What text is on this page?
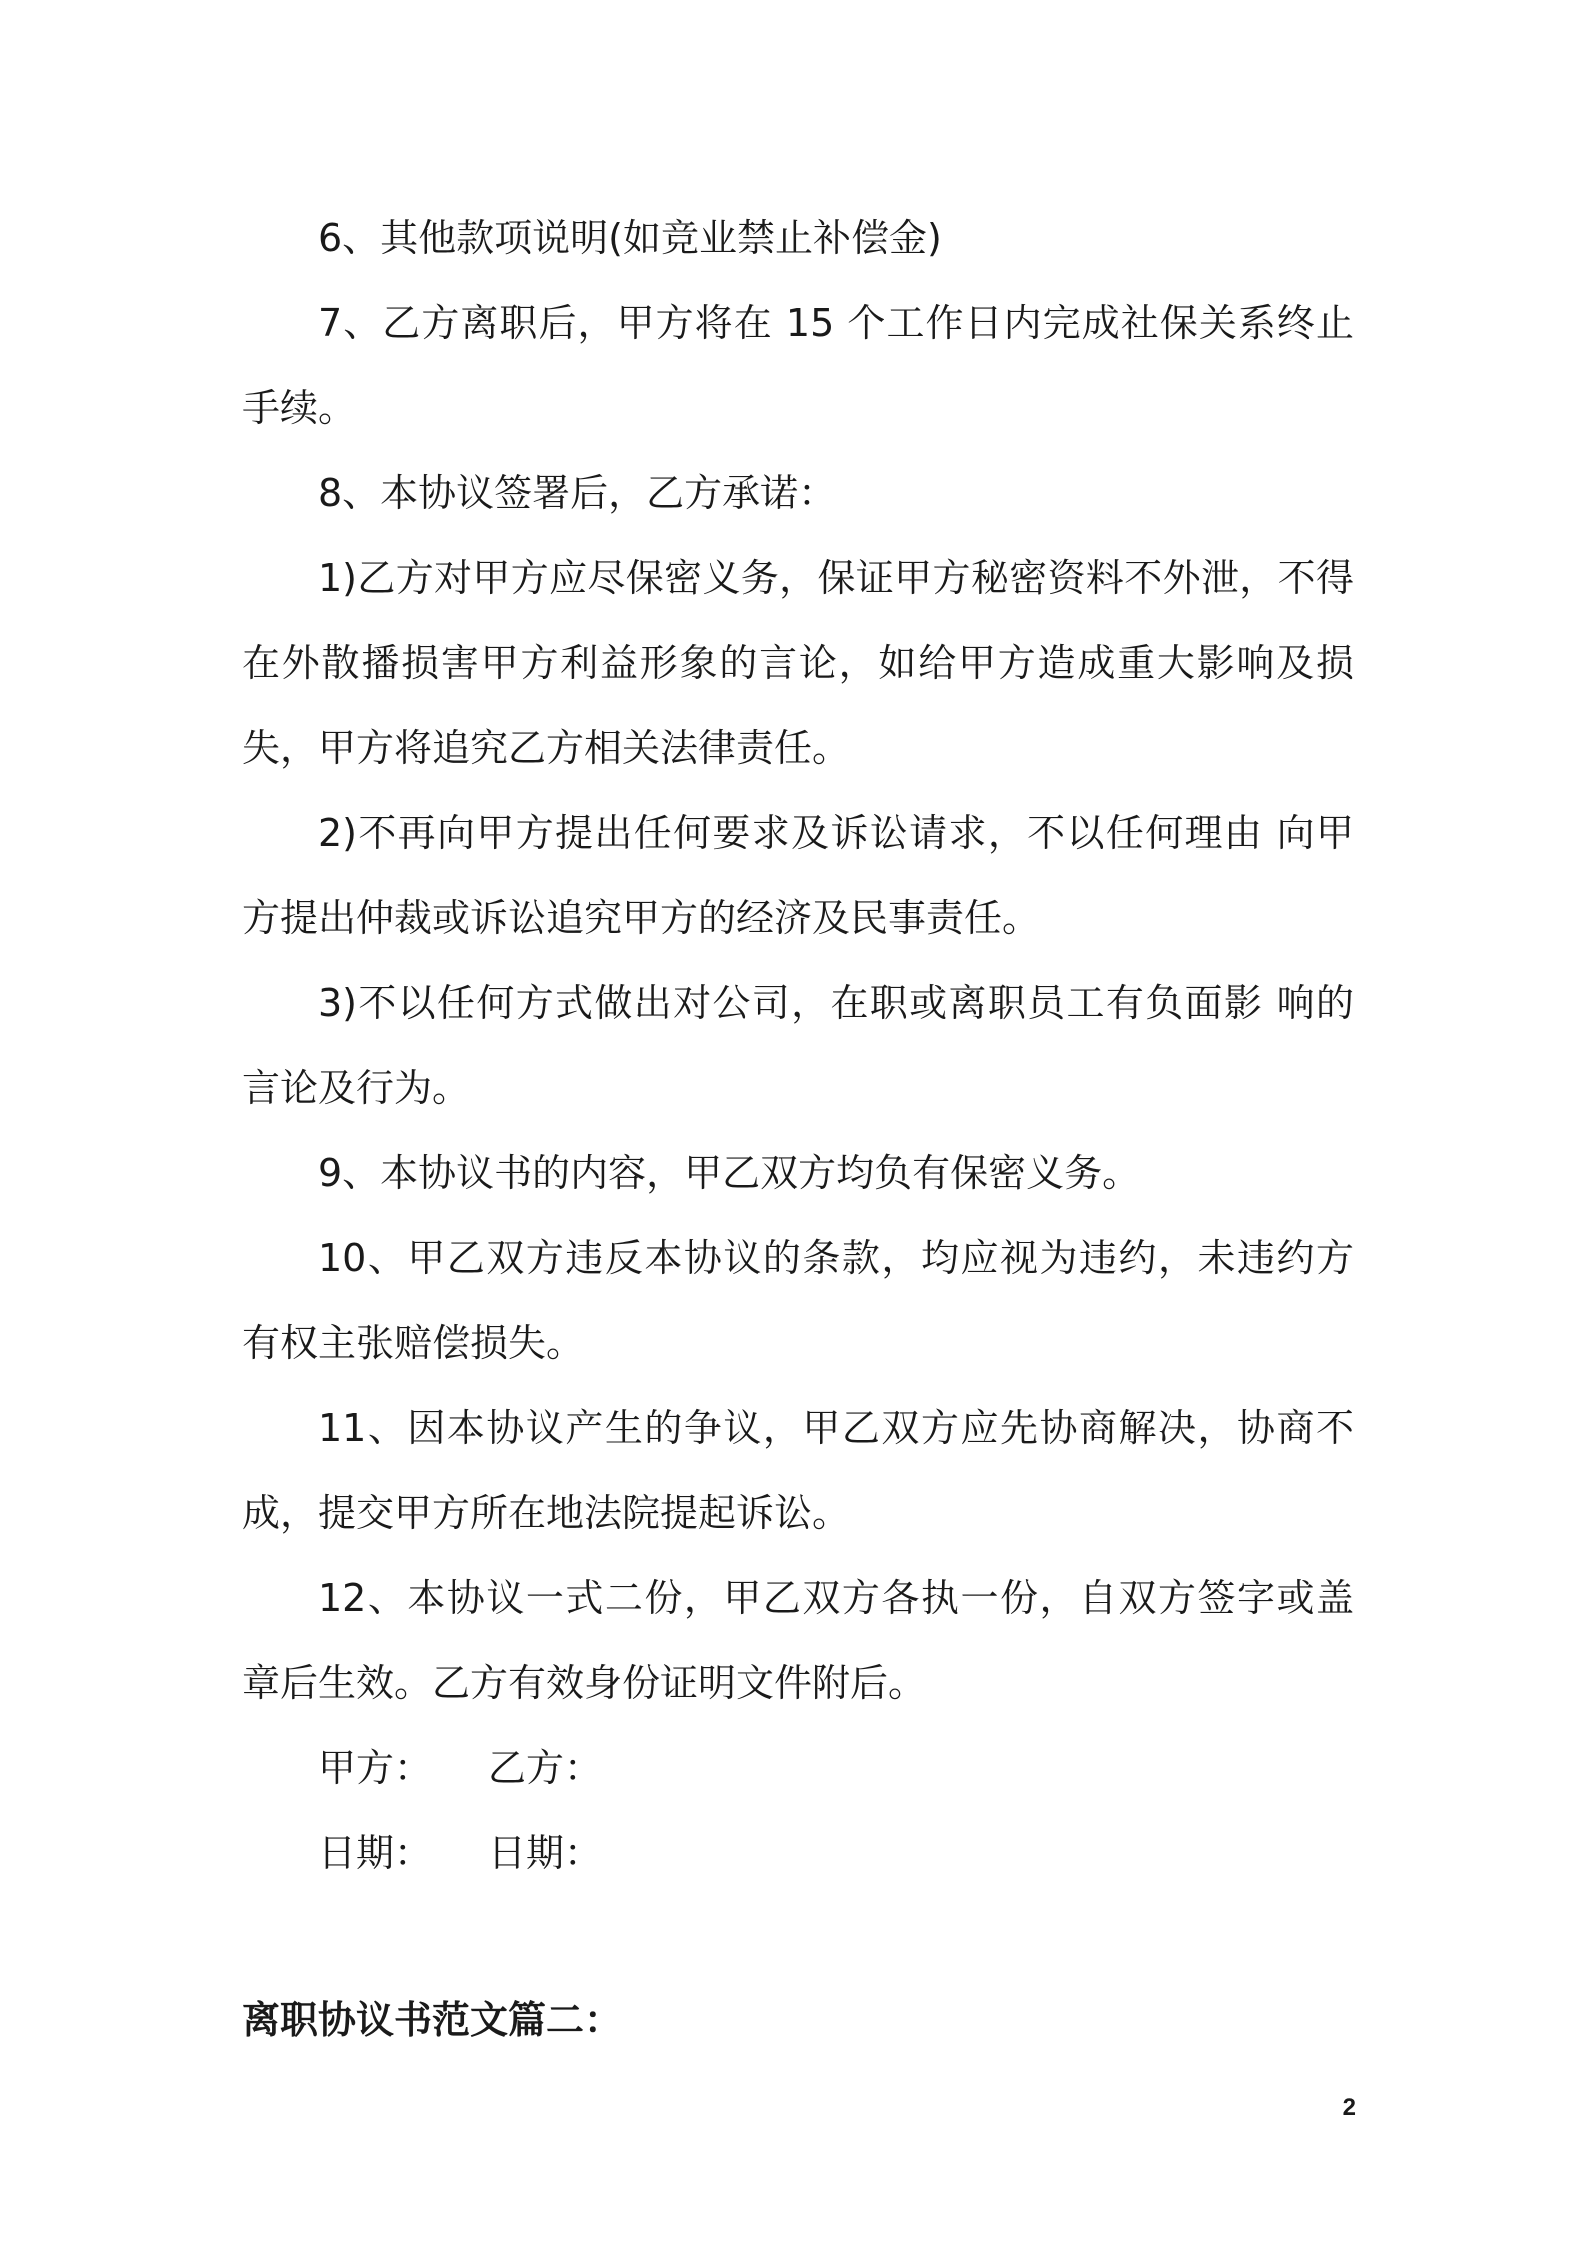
6、其他款项说明(如竞业禁止补偿金)

7、乙方离职后，甲方将在 15 个工作日内完成社保关系终止手续。

8、本协议签署后，乙方承诺：

1)乙方对甲方应尽保密义务，保证甲方秘密资料不外泄，不得在外散播损害甲方利益形象的言论，如给甲方造成重大影响及损失，甲方将追究乙方相关法律责任。

2)不再向甲方提出任何要求及诉讼请求，不以任何理由 向甲方提出仲裁或诉讼追究甲方的经济及民事责任。

3)不以任何方式做出对公司，在职或离职员工有负面影 响的言论及行为。

9、本协议书的内容，甲乙双方均负有保密义务。

10、甲乙双方违反本协议的条款，均应视为违约，未违约方有权主张赔偿损失。

11、因本协议产生的争议，甲乙双方应先协商解决，协商不成，提交甲方所在地法院提起诉讼。

12、本协议一式二份，甲乙双方各执一份，自双方签字或盖章后生效。乙方有效身份证明文件附后。

甲方： 乙方：

日期： 日期：

离职协议书范文篇二：

2
